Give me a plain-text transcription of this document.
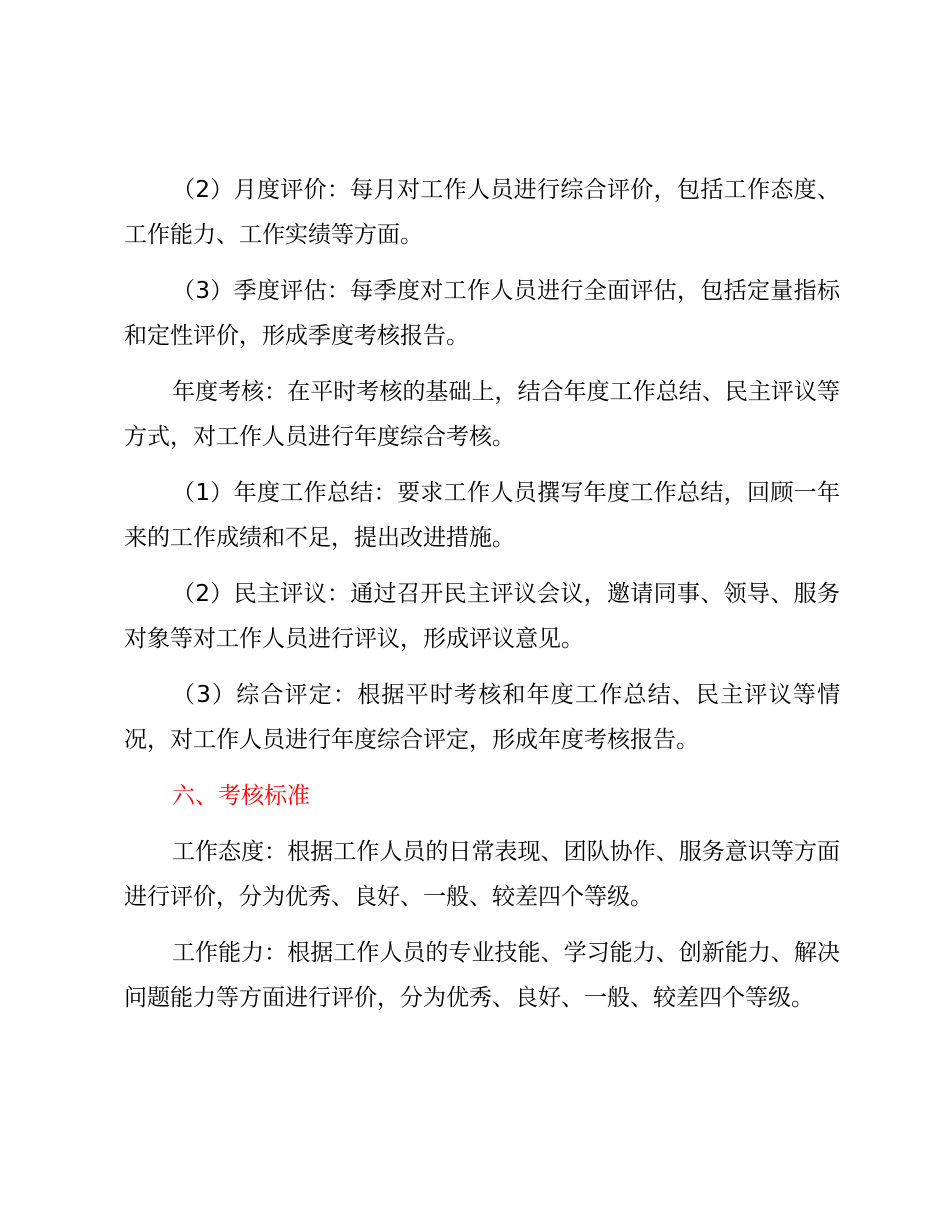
（2）月度评价：每月对工作人员进行综合评价，包括工作态度、工作能力、工作实绩等方面。

（3）季度评估：每季度对工作人员进行全面评估，包括定量指标和定性评价，形成季度考核报告。

年度考核：在平时考核的基础上，结合年度工作总结、民主评议等方式，对工作人员进行年度综合考核。

（1）年度工作总结：要求工作人员撰写年度工作总结，回顾一年来的工作成绩和不足，提出改进措施。

（2）民主评议：通过召开民主评议会议，邀请同事、领导、服务对象等对工作人员进行评议，形成评议意见。

（3）综合评定：根据平时考核和年度工作总结、民主评议等情况，对工作人员进行年度综合评定，形成年度考核报告。

六、考核标准

工作态度：根据工作人员的日常表现、团队协作、服务意识等方面进行评价，分为优秀、良好、一般、较差四个等级。

工作能力：根据工作人员的专业技能、学习能力、创新能力、解决问题能力等方面进行评价，分为优秀、良好、一般、较差四个等级。
